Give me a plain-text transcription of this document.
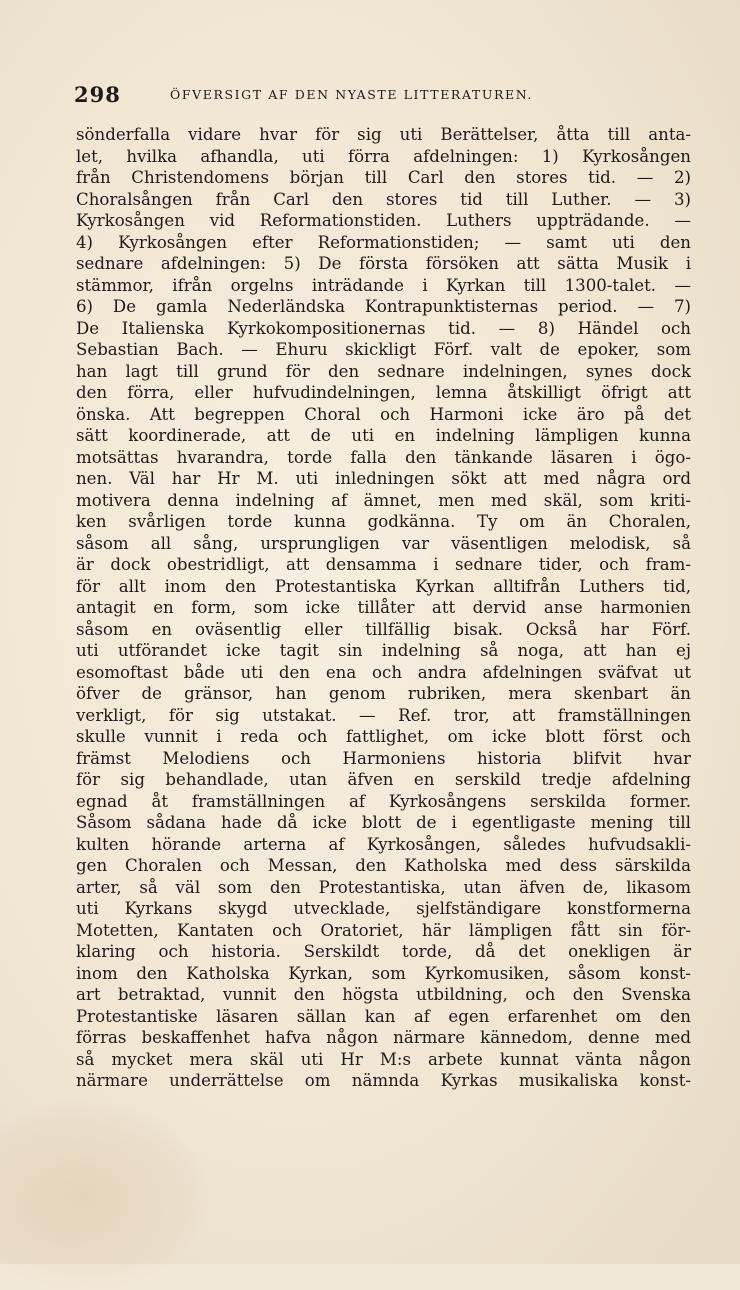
298	ÖFVERSIGT AF DEN NYASTE LITTERATUREN.
sönderfalla vidare hvar för sig uti Berättelser, åtta till anta-
let, hvilka afhandla, uti förra afdelningen: 1) Kyrkosången
från Christendomens början till Carl den stores tid. — 2)
Choralsången från Carl den stores tid till Luther. — 3)
Kyrkosången vid Reformationstiden. Luthers uppträdande. —
4) Kyrkosången efter Reformationstiden; — samt uti den
sednare afdelningen: 5) De första försöken att sätta Musik i
stämmor, ifrån orgelns inträdande i Kyrkan till 1300-talet. —
6) De gamla Nederländska Kontrapunktisternas period. — 7)
De Italienska Kyrkokompositionernas tid. — 8) Händel och
Sebastian Bach. — Ehuru skickligt Förf. valt de epoker, som
han lagt till grund för den sednare indelningen, synes dock
den förra, eller hufvudindelningen, lemna åtskilligt öfrigt att
önska. Att begreppen Choral och Harmoni icke äro på det
sätt koordinerade, att de uti en indelning lämpligen kunna
motsättas hvarandra, torde falla den tänkande läsaren i ögo-
nen. Väl har Hr M. uti inledningen sökt att med några ord
motivera denna indelning af ämnet, men med skäl, som kriti-
ken svårligen torde kunna godkänna. Ty om än Choralen,
såsom all sång, ursprungligen var väsentligen melodisk, så
är dock obestridligt, att densamma i sednare tider, och fram-
för allt inom den Protestantiska Kyrkan alltifrån Luthers tid,
antagit en form, som icke tillåter att dervid anse harmonien
såsom en oväsentlig eller tillfällig bisak. Också har Förf.
uti utförandet icke tagit sin indelning så noga, att han ej
esomoftast både uti den ena och andra afdelningen sväfvat ut
öfver de gränsor, han genom rubriken, mera skenbart än
verkligt, för sig utstakat. — Ref. tror, att framställningen
skulle vunnit i reda och fattlighet, om icke blott först och
främst Melodiens och Harmoniens historia blifvit hvar
för sig behandlade, utan äfven en serskild tredje afdelning
egnad åt framställningen af Kyrkosångens serskilda former.
Såsom sådana hade då icke blott de i egentligaste mening till
kulten hörande arterna af Kyrkosången, således hufvudsakli-
gen Choralen och Messan, den Katholska med dess särskilda
arter, så väl som den Protestantiska, utan äfven de, likasom
uti Kyrkans skygd utvecklade, sjelfständigare konstformerna
Motetten, Kantaten och Oratoriet, här lämpligen fått sin för-
klaring och historia. Serskildt torde, då det onekligen är
inom den Katholska Kyrkan, som Kyrkomusiken, såsom konst-
art betraktad, vunnit den högsta utbildning, och den Svenska
Protestantiske läsaren sällan kan af egen erfarenhet om den
förras beskaffenhet hafva någon närmare kännedom, denne med
så mycket mera skäl uti Hr M:s arbete kunnat vänta någon
närmare underrättelse om nämnda Kyrkas musikaliska konst-
